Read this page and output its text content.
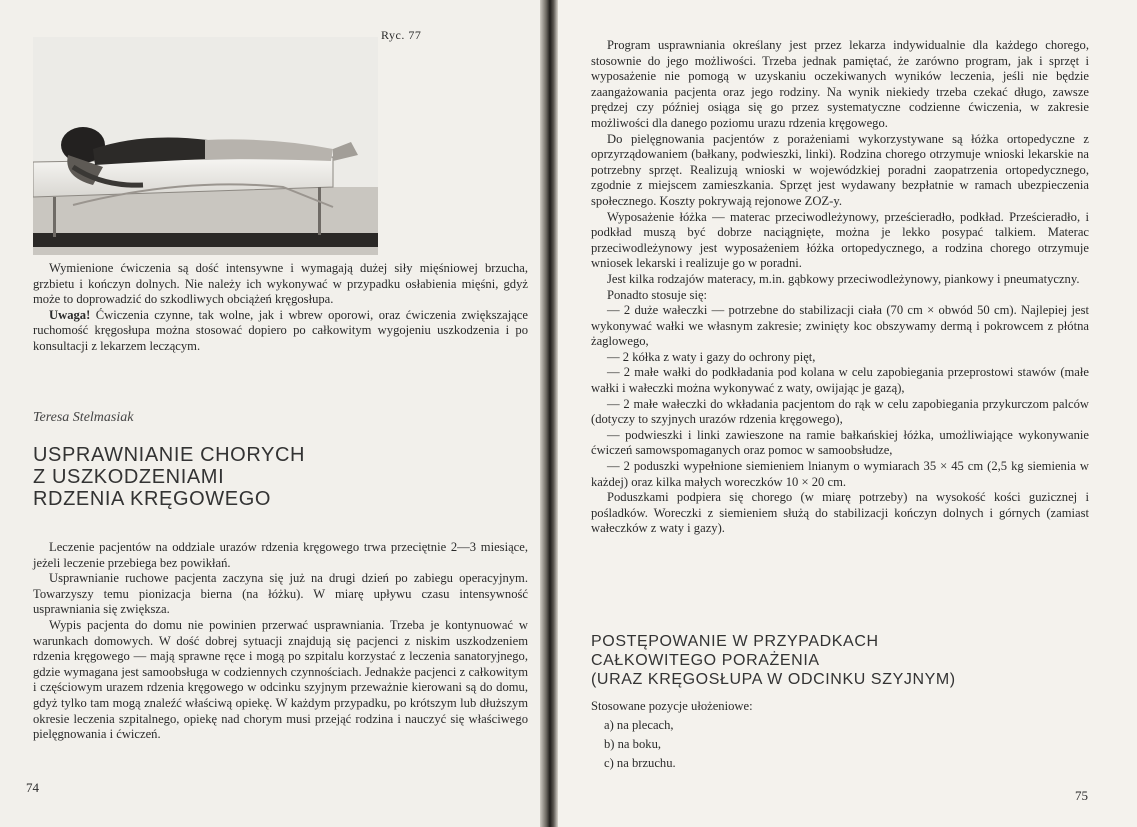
Ryc. 77

Wymienione ćwiczenia są dość intensywne i wymagają dużej siły mięśniowej brzucha, grzbietu i kończyn dolnych. Nie należy ich wykonywać w przypadku osłabienia mięśni, gdyż może to doprowadzić do szkodliwych obciążeń kręgosłupa.

Uwaga! Ćwiczenia czynne, tak wolne, jak i wbrew oporowi, oraz ćwiczenia zwiększające ruchomość kręgosłupa można stosować dopiero po całkowitym wygojeniu uszkodzenia i po konsultacji z lekarzem leczącym.

Teresa Stelmasiak
USPRAWNIANIE CHORYCH
Z USZKODZENIAMI
RDZENIA KRĘGOWEGO

Leczenie pacjentów na oddziale urazów rdzenia kręgowego trwa przeciętnie 2—3 miesiące, jeżeli leczenie przebiega bez powikłań.

Usprawnianie ruchowe pacjenta zaczyna się już na drugi dzień po zabiegu operacyjnym. Towarzyszy temu pionizacja bierna (na łóżku). W miarę upływu czasu intensywność usprawniania się zwiększa.

Wypis pacjenta do domu nie powinien przerwać usprawniania. Trzeba je kontynuować w warunkach domowych. W dość dobrej sytuacji znajdują się pacjenci z niskim uszkodzeniem rdzenia kręgowego — mają sprawne ręce i mogą po szpitalu korzystać z leczenia sanatoryjnego, gdzie wymagana jest samoobsługa w codziennych czynnościach. Jednakże pacjenci z całkowitym i częściowym urazem rdzenia kręgowego w odcinku szyjnym przeważnie kierowani są do domu, gdyż tylko tam mogą znaleźć właściwą opiekę. W każdym przypadku, po krótszym lub dłuższym okresie leczenia szpitalnego, opiekę nad chorym musi przejąć rodzina i nauczyć się właściwego pielęgnowania i ćwiczeń.

74

Program usprawniania określany jest przez lekarza indywidualnie dla każdego chorego, stosownie do jego możliwości. Trzeba jednak pamiętać, że zarówno program, jak i sprzęt i wyposażenie nie pomogą w uzyskaniu oczekiwanych wyników leczenia, jeśli nie będzie zaangażowania pacjenta oraz jego rodziny. Na wynik niekiedy trzeba czekać długo, zawsze prędzej czy później osiąga się go przez systematyczne codzienne ćwiczenia, w zakresie możliwości dla danego poziomu urazu rdzenia kręgowego.

Do pielęgnowania pacjentów z porażeniami wykorzystywane są łóżka ortopedyczne z oprzyrządowaniem (bałkany, podwieszki, linki). Rodzina chorego otrzymuje wnioski lekarskie na potrzebny sprzęt. Realizują wnioski w wojewódzkiej poradni zaopatrzenia ortopedycznego, zgodnie z miejscem zamieszkania. Sprzęt jest wydawany bezpłatnie w ramach ubezpieczenia społecznego. Koszty pokrywają rejonowe ZOZ-y.

Wyposażenie łóżka — materac przeciwodleżynowy, prześcieradło, podkład. Prześcieradło, i podkład muszą być dobrze naciągnięte, można je lekko posypać talkiem. Materac przeciwodleżynowy jest wyposażeniem łóżka ortopedycznego, a rodzina chorego otrzymuje wniosek lekarski i realizuje go w poradni.

Jest kilka rodzajów materacy, m.in. gąbkowy przeciwodleżynowy, piankowy i pneumatyczny.

Ponadto stosuje się:

— 2 duże wałeczki — potrzebne do stabilizacji ciała (70 cm × obwód 50 cm). Najlepiej jest wykonywać wałki we własnym zakresie; zwinięty koc obszywamy dermą i pokrowcem z płótna żaglowego,

— 2 kółka z waty i gazy do ochrony pięt,

— 2 małe wałki do podkładania pod kolana w celu zapobiegania przeprostowi stawów (małe wałki i wałeczki można wykonywać z waty, owijając je gazą),

— 2 małe wałeczki do wkładania pacjentom do rąk w celu zapobiegania przykurczom palców (dotyczy to szyjnych urazów rdzenia kręgowego),

— podwieszki i linki zawieszone na ramie bałkańskiej łóżka, umożliwiające wykonywanie ćwiczeń samowspomaganych oraz pomoc w samoobsłudze,

— 2 poduszki wypełnione siemieniem lnianym o wymiarach 35 × 45 cm (2,5 kg siemienia w każdej) oraz kilka małych woreczków 10 × 20 cm.

Poduszkami podpiera się chorego (w miarę potrzeby) na wysokość kości guzicznej i pośladków. Woreczki z siemieniem służą do stabilizacji kończyn dolnych i górnych (zamiast wałeczków z waty i gazy).

POSTĘPOWANIE W PRZYPADKACH
CAŁKOWITEGO PORAŻENIA
(URAZ KRĘGOSŁUPA W ODCINKU SZYJNYM)
Stosowane pozycje ułożeniowe:
a) na plecach,
b) na boku,
c) na brzuchu.
75
